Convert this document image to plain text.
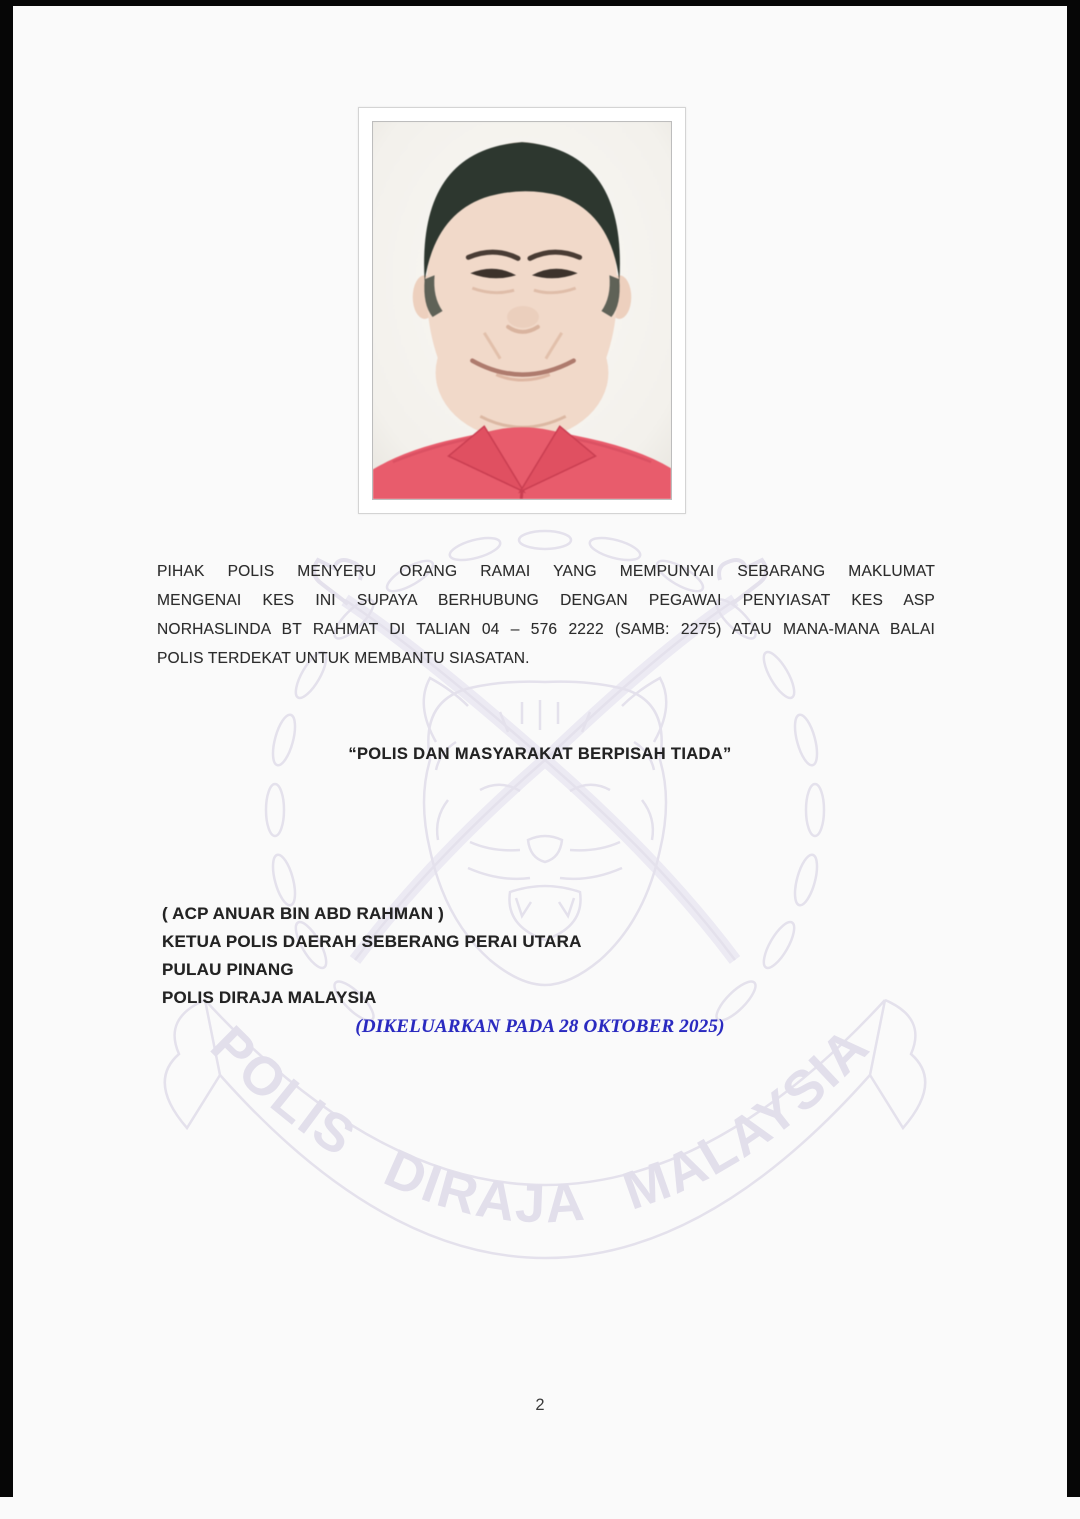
POLIS DIRAJA MALAYSIA
PIHAK POLIS MENYERU ORANG RAMAI YANG MEMPUNYAI SEBARANG MAKLUMAT
MENGENAI KES INI SUPAYA BERHUBUNG DENGAN PEGAWAI PENYIASAT KES ASP
NORHASLINDA BT RAHMAT DI TALIAN 04 – 576 2222 (SAMB: 2275) ATAU MANA-MANA BALAI
POLIS TERDEKAT UNTUK MEMBANTU SIASATAN.
“POLIS DAN MASYARAKAT BERPISAH TIADA”
( ACP ANUAR BIN ABD RAHMAN )
KETUA POLIS DAERAH SEBERANG PERAI UTARA
PULAU PINANG
POLIS DIRAJA MALAYSIA
(DIKELUARKAN PADA 28 OKTOBER 2025)
2
